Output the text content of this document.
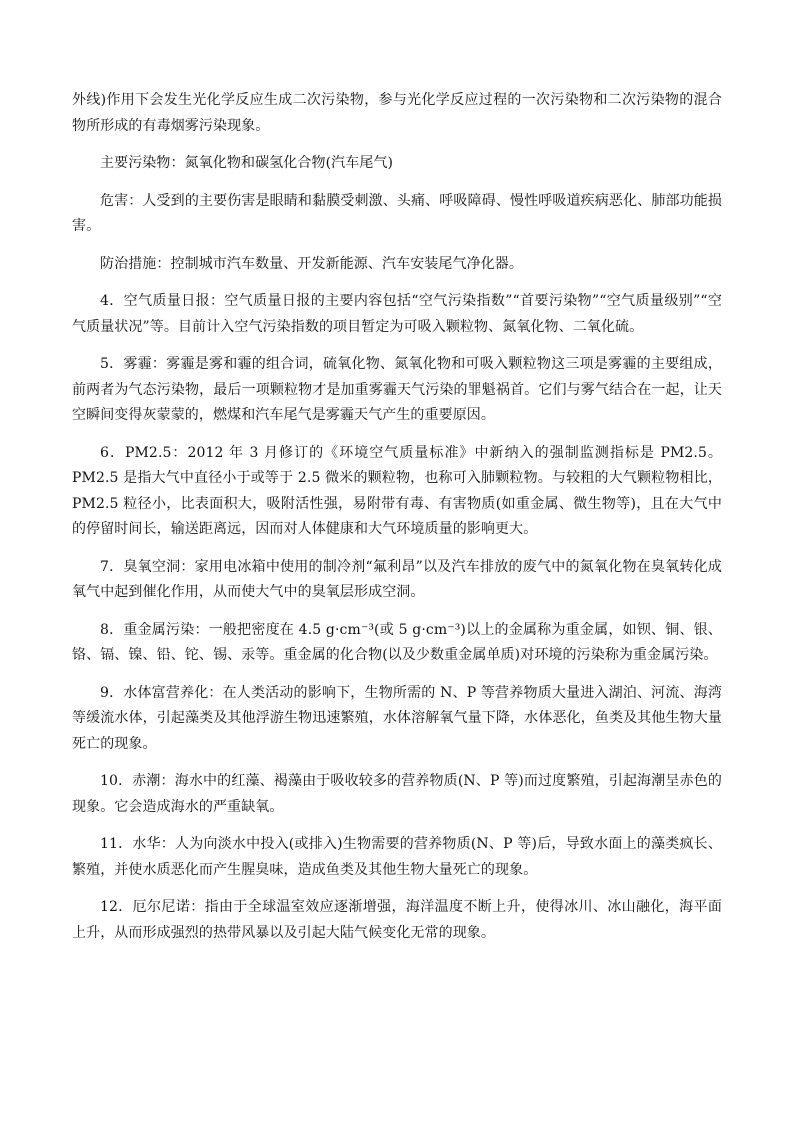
外线)作用下会发生光化学反应生成二次污染物，参与光化学反应过程的一次污染物和二次污染物的混合物所形成的有毒烟雾污染现象。

主要污染物：氮氧化物和碳氢化合物(汽车尾气)

危害：人受到的主要伤害是眼睛和黏膜受刺激、头痛、呼吸障碍、慢性呼吸道疾病恶化、肺部功能损害。

防治措施：控制城市汽车数量、开发新能源、汽车安装尾气净化器。

4．空气质量日报：空气质量日报的主要内容包括“空气污染指数”“首要污染物”“空气质量级别”“空气质量状况”等。目前计入空气污染指数的项目暂定为可吸入颗粒物、氮氧化物、二氧化硫。

5．雾霾：雾霾是雾和霾的组合词，硫氧化物、氮氧化物和可吸入颗粒物这三项是雾霾的主要组成，前两者为气态污染物，最后一项颗粒物才是加重雾霾天气污染的罪魁祸首。它们与雾气结合在一起，让天空瞬间变得灰蒙蒙的，燃煤和汽车尾气是雾霾天气产生的重要原因。

6．PM2.5：2012 年 3 月修订的《环境空气质量标准》中新纳入的强制监测指标是 PM2.5。PM2.5 是指大气中直径小于或等于 2.5 微米的颗粒物，也称可入肺颗粒物。与较粗的大气颗粒物相比，PM2.5 粒径小，比表面积大，吸附活性强，易附带有毒、有害物质(如重金属、微生物等)，且在大气中的停留时间长，输送距离远，因而对人体健康和大气环境质量的影响更大。

7．臭氧空洞：家用电冰箱中使用的制冷剂“氟利昂”以及汽车排放的废气中的氮氧化物在臭氧转化成氧气中起到催化作用，从而使大气中的臭氧层形成空洞。

8．重金属污染：一般把密度在 4.5 g·cm⁻³(或 5 g·cm⁻³)以上的金属称为重金属，如钡、铜、银、铬、镉、镍、铅、铊、锡、汞等。重金属的化合物(以及少数重金属单质)对环境的污染称为重金属污染。

9．水体富营养化：在人类活动的影响下，生物所需的 N、P 等营养物质大量进入湖泊、河流、海湾等缓流水体，引起藻类及其他浮游生物迅速繁殖，水体溶解氧气量下降，水体恶化，鱼类及其他生物大量死亡的现象。

10．赤潮：海水中的红藻、褐藻由于吸收较多的营养物质(N、P 等)而过度繁殖，引起海潮呈赤色的现象。它会造成海水的严重缺氧。

11．水华：人为向淡水中投入(或排入)生物需要的营养物质(N、P 等)后，导致水面上的藻类疯长、繁殖，并使水质恶化而产生腥臭味，造成鱼类及其他生物大量死亡的现象。

12．厄尔尼诺：指由于全球温室效应逐渐增强，海洋温度不断上升，使得冰川、冰山融化，海平面上升，从而形成强烈的热带风暴以及引起大陆气候变化无常的现象。
